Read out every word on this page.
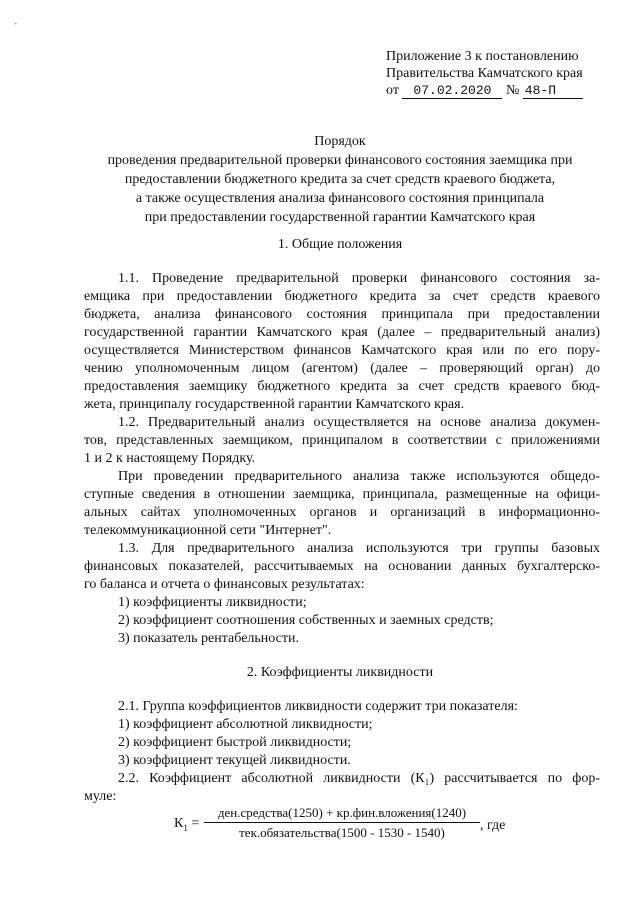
-
Приложение 3 к постановлению
Правительства Камчатского края
от 07.02.2020 № 48-П
Порядок
проведения предварительной проверки финансового состояния заемщика при
предоставлении бюджетного кредита за счет средств краевого бюджета,
а также осуществления анализа финансового состояния принципала
при предоставлении государственной гарантии Камчатского края
1. Общие положения
1.1. Проведение предварительной проверки финансового состояния за-
емщика при предоставлении бюджетного кредита за счет средств краевого
бюджета, анализа финансового состояния принципала при предоставлении
государственной гарантии Камчатского края (далее – предварительный анализ)
осуществляется Министерством финансов Камчатского края или по его пору-
чению уполномоченным лицом (агентом) (далее – проверяющий орган) до
предоставления заемщику бюджетного кредита за счет средств краевого бюд-
жета, принципалу государственной гарантии Камчатского края.
1.2. Предварительный анализ осуществляется на основе анализа докумен-
тов, представленных заемщиком, принципалом в соответствии с приложениями
1 и 2 к настоящему Порядку.
При проведении предварительного анализа также используются общедо-
ступные сведения в отношении заемщика, принципала, размещенные на офици-
альных сайтах уполномоченных органов и организаций в информационно-
телекоммуникационной сети "Интернет".
1.3. Для предварительного анализа используются три группы базовых
финансовых показателей, рассчитываемых на основании данных бухгалтерско-
го баланса и отчета о финансовых результатах:
1) коэффициенты ликвидности;
2) коэффициент соотношения собственных и заемных средств;
3) показатель рентабельности.
2. Коэффициенты ликвидности
2.1. Группа коэффициентов ликвидности содержит три показателя:
1) коэффициент абсолютной ликвидности;
2) коэффициент быстрой ликвидности;
3) коэффициент текущей ликвидности.
2.2. Коэффициент абсолютной ликвидности (К₁) рассчитывается по фор-
муле:
$К_1$ =
ден.средства(1250) + кр.фин.вложения(1240)
тек.обязательства(1500 - 1530 - 1540)	, где
